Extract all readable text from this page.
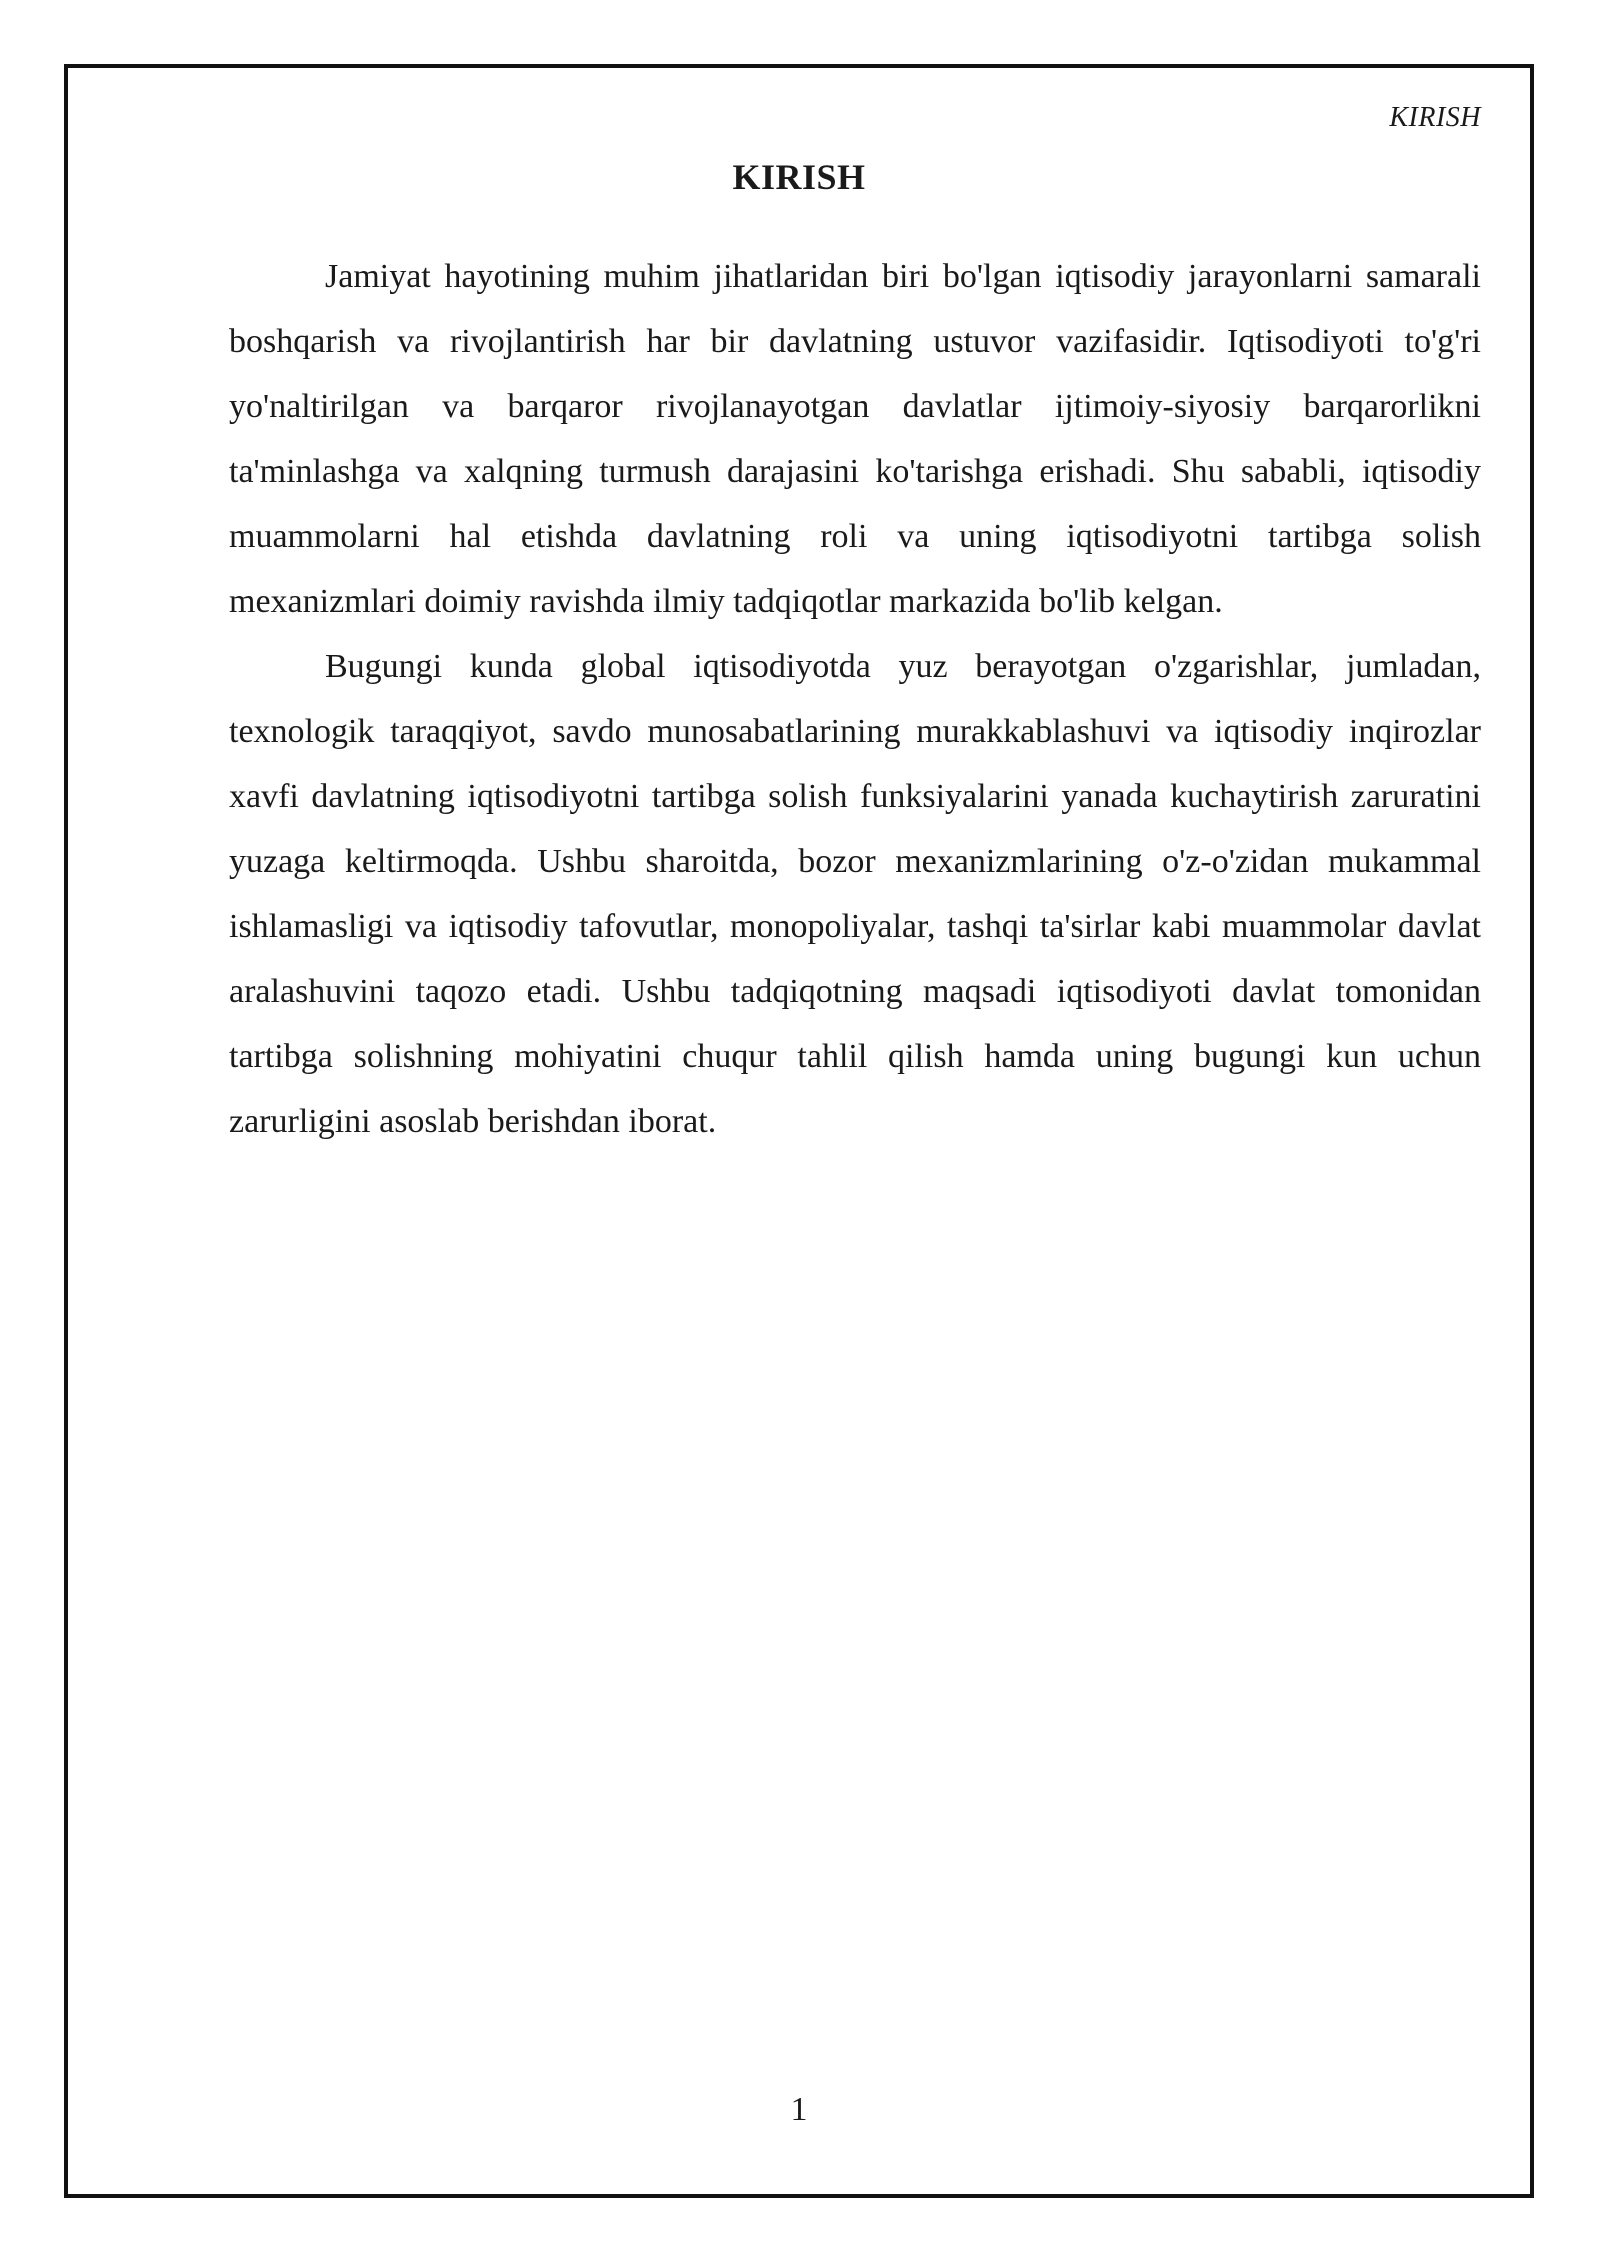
KIRISH
KIRISH

Jamiyat hayotining muhim jihatlaridan biri bo'lgan iqtisodiy jarayonlarni samarali boshqarish va rivojlantirish har bir davlatning ustuvor vazifasidir. Iqtisodiyoti to'g'ri yo'naltirilgan va barqaror rivojlanayotgan davlatlar ijtimoiy-siyosiy barqarorlikni ta'minlashga va xalqning turmush darajasini ko'tarishga erishadi. Shu sababli, iqtisodiy muammolarni hal etishda davlatning roli va uning iqtisodiyotni tartibga solish mexanizmlari doimiy ravishda ilmiy tadqiqotlar markazida bo'lib kelgan.

Bugungi kunda global iqtisodiyotda yuz berayotgan o'zgarishlar, jumladan, texnologik taraqqiyot, savdo munosabatlarining murakkablashuvi va iqtisodiy inqirozlar xavfi davlatning iqtisodiyotni tartibga solish funksiyalarini yanada kuchaytirish zaruratini yuzaga keltirmoqda. Ushbu sharoitda, bozor mexanizmlarining o'z-o'zidan mukammal ishlamasligi va iqtisodiy tafovutlar, monopoliyalar, tashqi ta'sirlar kabi muammolar davlat aralashuvini taqozo etadi. Ushbu tadqiqotning maqsadi iqtisodiyoti davlat tomonidan tartibga solishning mohiyatini chuqur tahlil qilish hamda uning bugungi kun uchun zarurligini asoslab berishdan iborat.

1
